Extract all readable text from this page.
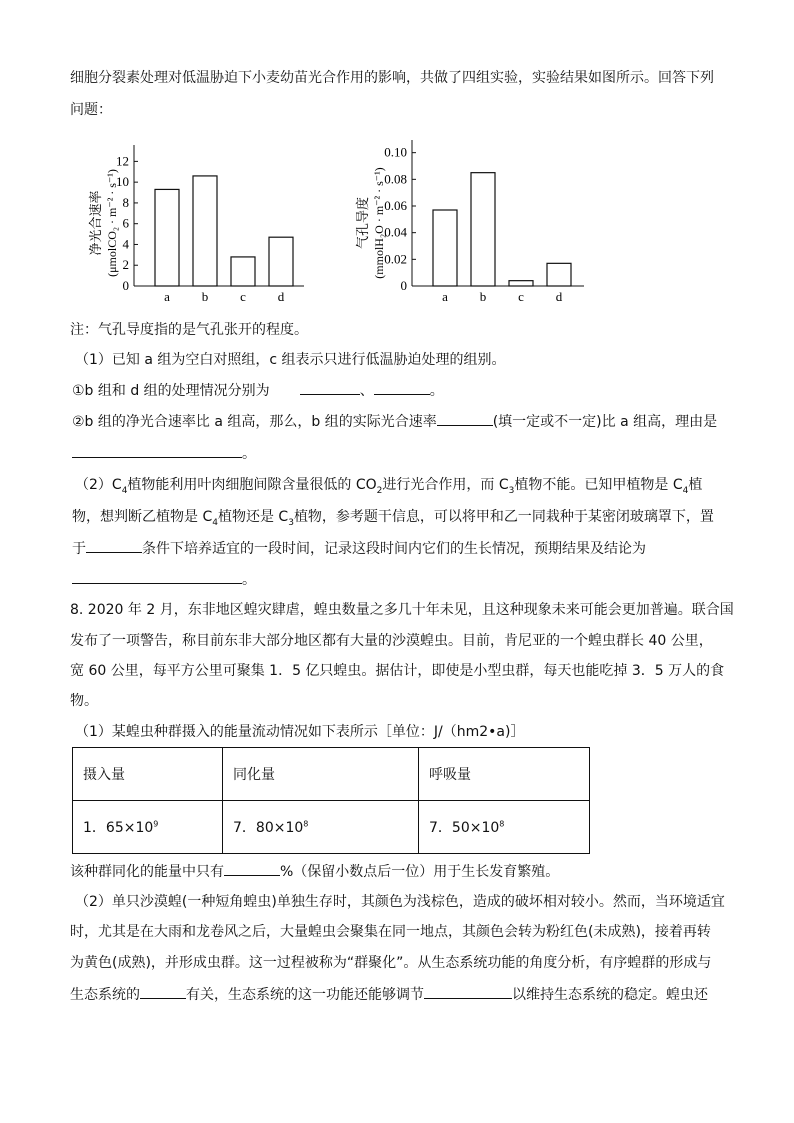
细胞分裂素处理对低温胁迫下小麦幼苗光合作用的影响，共做了四组实验，实验结果如图所示。回答下列
问题：
净光合速率 (μmolCO₂ · m⁻² · s⁻¹)
0
2
4
6
8
10
12
a b c d
气孔导度 (mmolH₂O · m⁻² · s⁻¹)
0
0.02
0.04
0.06
0.08
0.10
a b c d
注：气孔导度指的是气孔张开的程度。
（1）已知 a 组为空白对照组，c 组表示只进行低温胁迫处理的组别。
①b 组和 d 组的处理情况分别为	、	。
②b 组的净光合速率比 a 组高，那么，b 组的实际光合速率	(填一定或不一定)比 a 组高，理由是
。
$(2)C_4$植物能利用叶肉细胞间隙含量很低的 $CO_2$进行光合作用，而 $C_3$植物不能。已知甲植物是 $C_4$植
物，想判断乙植物是 $C_4$植物还是 $C_3$植物，参考题干信息，可以将甲和乙一同栽种于某密闭玻璃罩下，置
于	条件下培养适宜的一段时间，记录这段时间内它们的生长情况，预期结果及结论为
。
8. 2020 年 2 月，东非地区蝗灾肆虐，蝗虫数量之多几十年未见，且这种现象未来可能会更加普遍。联合国
发布了一项警告，称目前东非大部分地区都有大量的沙漠蝗虫。目前，肯尼亚的一个蝗虫群长 40 公里，
宽 60 公里，每平方公里可聚集 1．5 亿只蝗虫。据估计，即使是小型虫群，每天也能吃掉 3．5 万人的食
物。
（1）某蝗虫种群摄入的能量流动情况如下表所示［单位：J/（hm2•a)］
摄入量	同化量	呼吸量
1．$65\times 10^9$	7．$80\times 10^8$	7．$50\times 10^8$
该种群同化的能量中只有	%（保留小数点后一位）用于生长发育繁殖。
（2）单只沙漠蝗(一种短角蝗虫)单独生存时，其颜色为浅棕色，造成的破坏相对较小。然而，当环境适宜
时，尤其是在大雨和龙卷风之后，大量蝗虫会聚集在同一地点，其颜色会转为粉红色(未成熟)，接着再转
为黄色(成熟)，并形成虫群。这一过程被称为“群聚化”。从生态系统功能的角度分析，有序蝗群的形成与
生态系统的	有关，生态系统的这一功能还能够调节	以维持生态系统的稳定。蝗虫还
